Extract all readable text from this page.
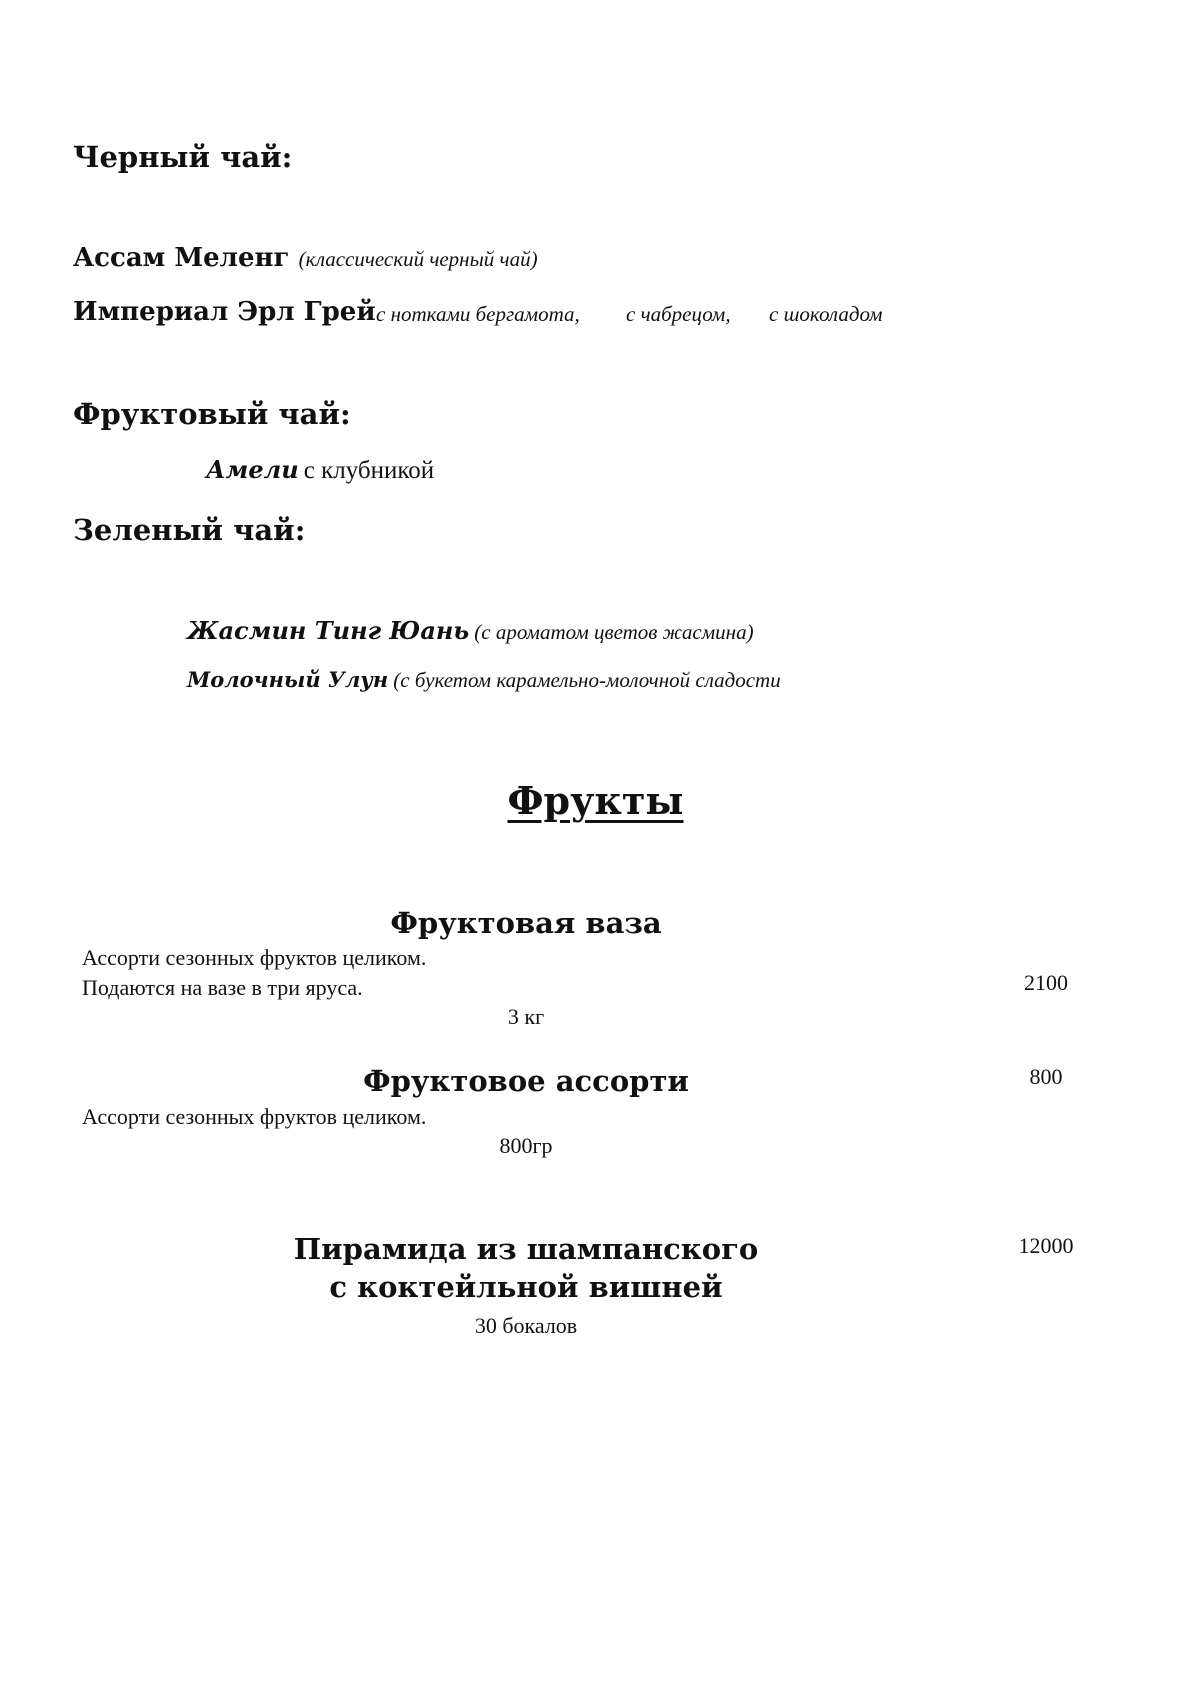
Черный чай:
Ассам Меленг (классический черный чай)
Империал Эрл Грей с нотками бергамота, с чабрецом, с шоколадом
Фруктовый чай:
Амели с клубникой
Зеленый чай:
Жасмин Тинг Юань (с ароматом цветов жасмина)
Молочный Улун (с букетом карамельно-молочной сладости
Фрукты
Фруктовая ваза
Ассорти сезонных фруктов целиком.
Подаются на вазе в три яруса.
3 кг
2100
Фруктовое ассорти
Ассорти сезонных фруктов целиком.
800гр
800
Пирамида из шампанского
с коктейльной вишней
30 бокалов
12000
